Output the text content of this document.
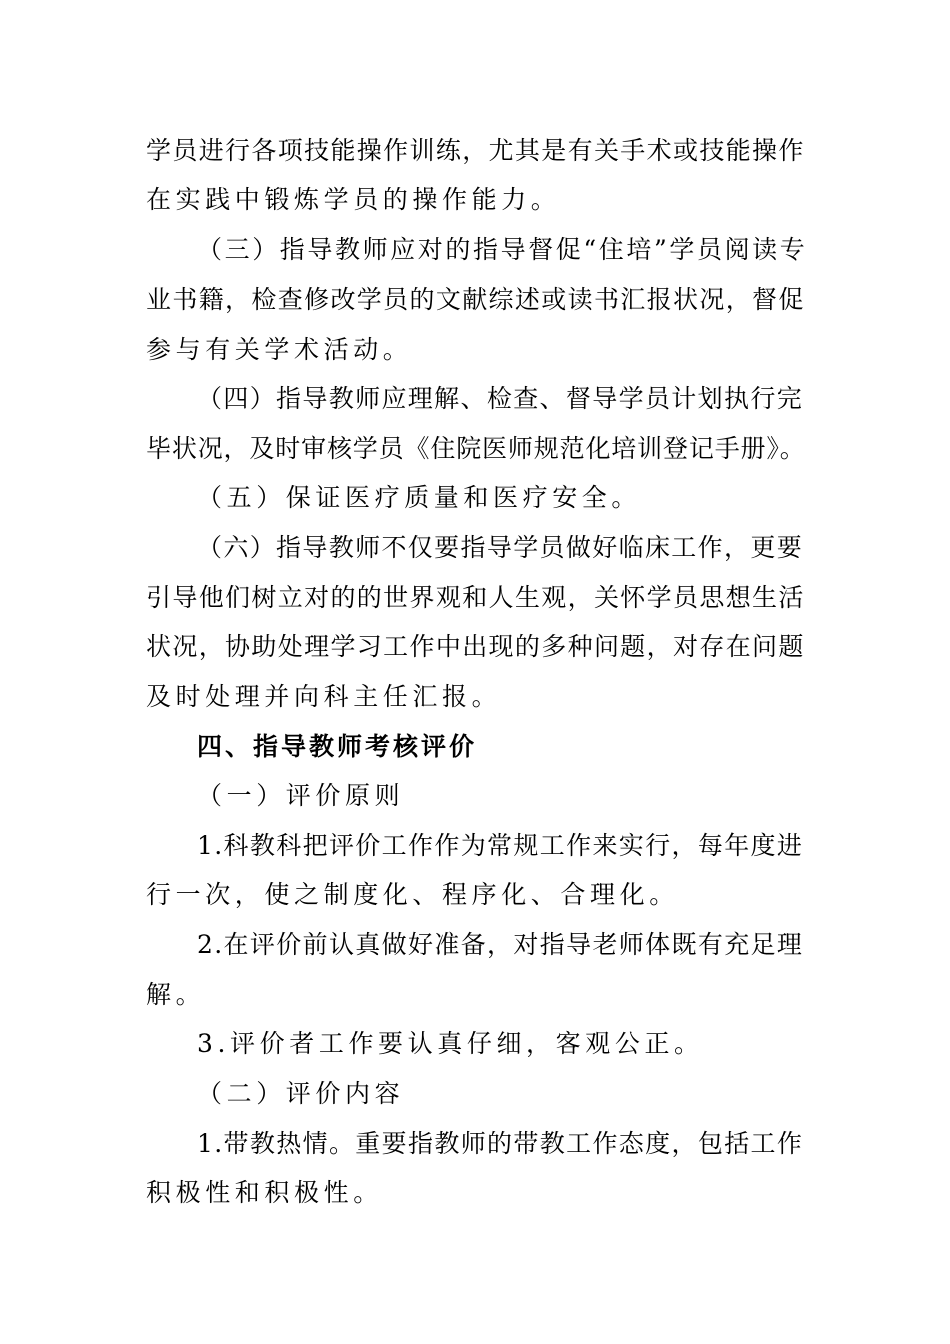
学员进行各项技能操作训练，尤其是有关手术或技能操作
在实践中锻炼学员的操作能力。
（三）指导教师应对的指导督促“住培”学员阅读专
业书籍，检查修改学员的文献综述或读书汇报状况，督促
参与有关学术活动。
（四）指导教师应理解、检查、督导学员计划执行完
毕状况，及时审核学员《住院医师规范化培训登记手册》。
（五）保证医疗质量和医疗安全。
（六）指导教师不仅要指导学员做好临床工作，更要
引导他们树立对的的世界观和人生观，关怀学员思想生活
状况，协助处理学习工作中出现的多种问题，对存在问题
及时处理并向科主任汇报。
四、指导教师考核评价
（一）评价原则
1.科教科把评价工作作为常规工作来实行，每年度进
行一次，使之制度化、程序化、合理化。
2.在评价前认真做好准备，对指导老师体既有充足理
解。
3.评价者工作要认真仔细，客观公正。
（二）评价内容
1.带教热情。重要指教师的带教工作态度，包括工作
积极性和积极性。
